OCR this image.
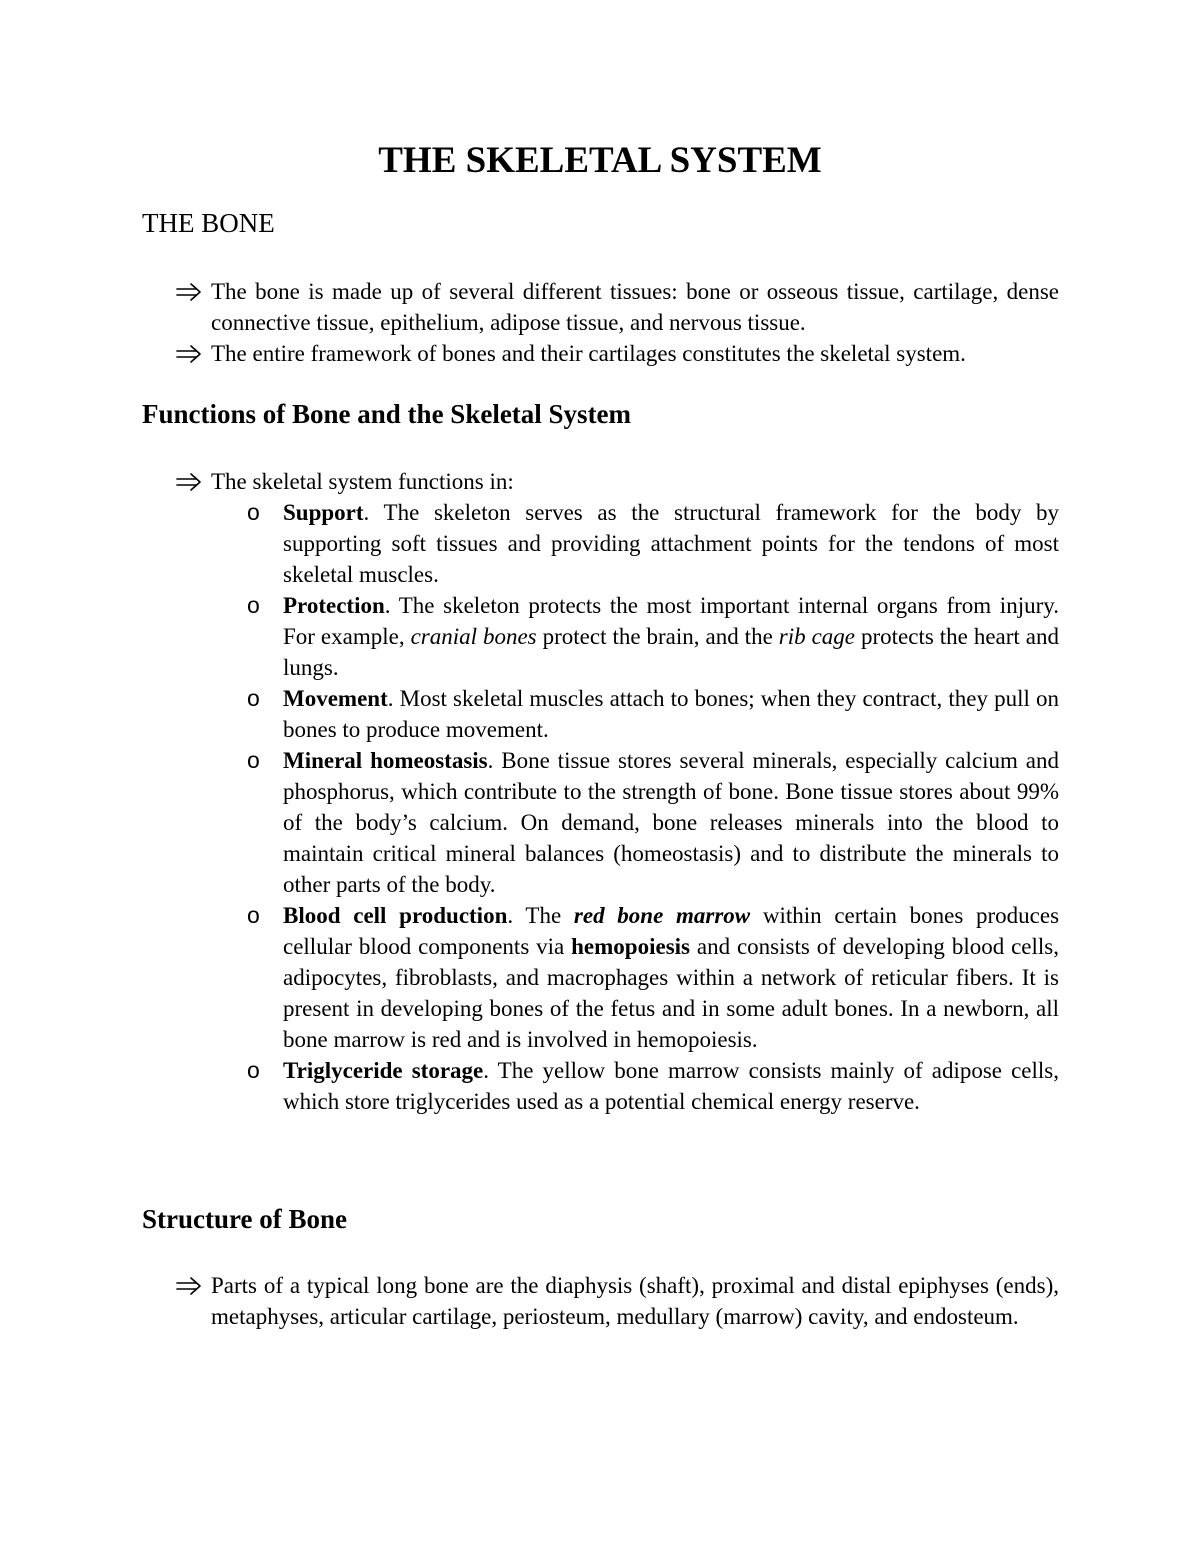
THE SKELETAL SYSTEM
THE BONE
The bone is made up of several different tissues: bone or osseous tissue, cartilage, dense connective tissue, epithelium, adipose tissue, and nervous tissue.
The entire framework of bones and their cartilages constitutes the skeletal system.
Functions of Bone and the Skeletal System
The skeletal system functions in:
o Support. The skeleton serves as the structural framework for the body by supporting soft tissues and providing attachment points for the tendons of most skeletal muscles.
o Protection. The skeleton protects the most important internal organs from injury. For example, cranial bones protect the brain, and the rib cage protects the heart and lungs.
o Movement. Most skeletal muscles attach to bones; when they contract, they pull on bones to produce movement.
o Mineral homeostasis. Bone tissue stores several minerals, especially calcium and phosphorus, which contribute to the strength of bone. Bone tissue stores about 99% of the body’s calcium. On demand, bone releases minerals into the blood to maintain critical mineral balances (homeostasis) and to distribute the minerals to other parts of the body.
o Blood cell production. The red bone marrow within certain bones produces cellular blood components via hemopoiesis and consists of developing blood cells, adipocytes, fibroblasts, and macrophages within a network of reticular fibers. It is present in developing bones of the fetus and in some adult bones. In a newborn, all bone marrow is red and is involved in hemopoiesis.
o Triglyceride storage. The yellow bone marrow consists mainly of adipose cells, which store triglycerides used as a potential chemical energy reserve.
Structure of Bone
Parts of a typical long bone are the diaphysis (shaft), proximal and distal epiphyses (ends), metaphyses, articular cartilage, periosteum, medullary (marrow) cavity, and endosteum.
